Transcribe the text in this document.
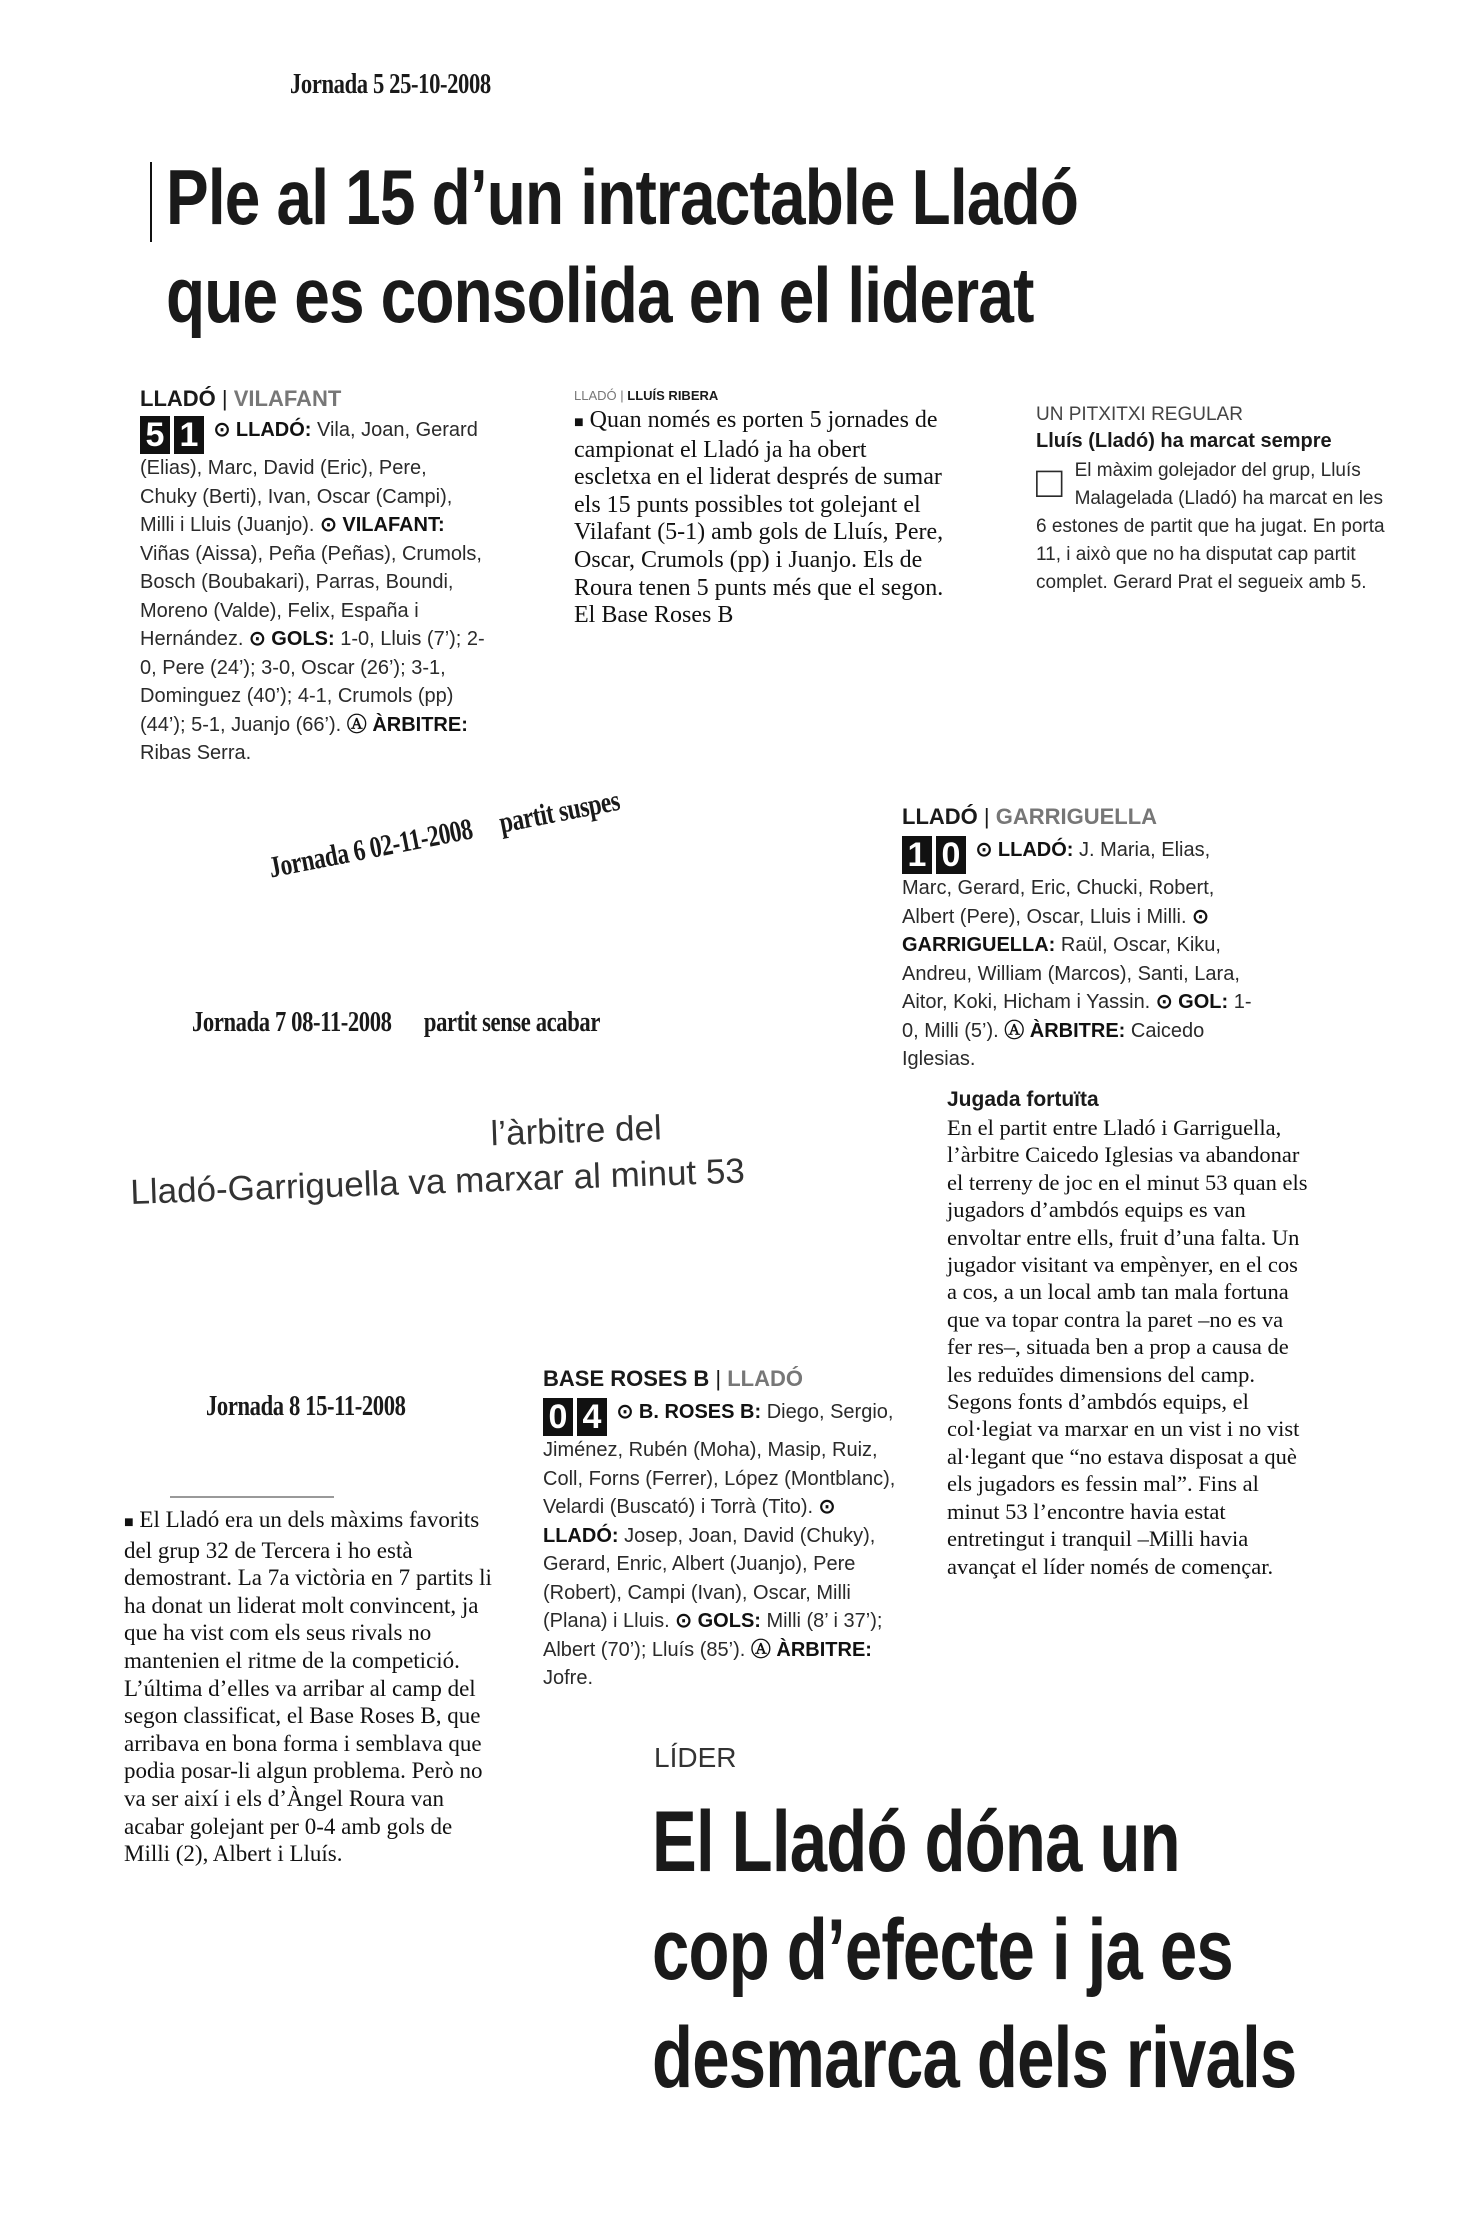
Jornada 5 25-10-2008
Ple al 15 d’un intractable Lladó
que es consolida en el liderat
LLADÓ | VILAFANT
5 1 ⊙ LLADÓ: Vila, Joan, Gerard (Elias), Marc, David (Eric), Pere, Chuky (Berti), Ivan, Oscar (Campi), Milli i Lluis (Juanjo). ⊙ VILAFANT: Viñas (Aissa), Peña (Peñas), Crumols, Bosch (Boubakari), Parras, Boundi, Moreno (Valde), Felix, España i Hernández. ⊙ GOLS: 1-0, Lluis (7’); 2-0, Pere (24’); 3-0, Oscar (26’); 3-1, Dominguez (40’); 4-1, Crumols (pp) (44’); 5-1, Juanjo (66’). Ⓐ ÀRBITRE: Ribas Serra.
LLADÓ | LLUÍS RIBERA
■ Quan només es porten 5 jornades de campionat el Lladó ja ha obert escletxa en el liderat després de sumar els 15 punts possibles tot golejant el Vilafant (5-1) amb gols de Lluís, Pere, Oscar, Crumols (pp) i Juanjo. Els de Roura tenen 5 punts més que el segon. El Base Roses B
UN PITXITXI REGULAR
Lluís (Lladó) ha marcat sempre
□ El màxim golejador del grup, Lluís Malagelada (Lladó) ha marcat en les 6 estones de partit que ha jugat. En porta 11, i això que no ha disputat cap partit complet. Gerard Prat el segueix amb 5.
Jornada 6 02-11-2008  partit suspes	LLADÓ | GARRIGUELLA
1 0 ⊙ LLADÓ: J. Maria, Elias, Marc, Gerard, Eric, Chucki, Robert, Albert (Pere), Oscar, Lluis i Milli. ⊙ GARRIGUELLA: Raül, Oscar, Kiku, Andreu, William (Marcos), Santi, Lara, Aitor, Koki, Hicham i Yassin. ⊙ GOL: 1-0, Milli (5’). Ⓐ ÀRBITRE: Caicedo Iglesias.
Jornada 7 08-11-2008 partit sense acabar
l’àrbitre del
Lladó-Garriguella va marxar al minut 53
Jugada fortuïta
En el partit entre Lladó i Garriguella, l’àrbitre Caicedo Iglesias va abandonar el terreny de joc en el minut 53 quan els jugadors d’ambdós equips es van envoltar entre ells, fruit d’una falta. Un jugador visitant va empènyer, en el cos a cos, a un local amb tan mala fortuna que va topar contra la paret –no es va fer res–, situada ben a prop a causa de les reduïdes dimensions del camp. Segons fonts d’ambdós equips, el col·legiat va marxar en un vist i no vist al·legant que “no estava disposat a què els jugadors es fessin mal”. Fins al minut 53 l’encontre havia estat entretingut i tranquil –Milli havia avançat el líder només de començar.
Jornada 8 15-11-2008
■ El Lladó era un dels màxims favorits del grup 32 de Tercera i ho està demostrant. La 7a victòria en 7 partits li ha donat un liderat molt convincent, ja que ha vist com els seus rivals no mantenien el ritme de la competició. L’última d’elles va arribar al camp del segon classificat, el Base Roses B, que arribava en bona forma i semblava que podia posar-li algun problema. Però no va ser així i els d’Àngel Roura van acabar golejant per 0-4 amb gols de Milli (2), Albert i Lluís.
BASE ROSES B | LLADÓ
0 4 ⊙ B. ROSES B: Diego, Sergio, Jiménez, Rubén (Moha), Masip, Ruiz, Coll, Forns (Ferrer), López (Montblanc), Velardi (Buscató) i Torrà (Tito). ⊙ LLADÓ: Josep, Joan, David (Chuky), Gerard, Enric, Albert (Juanjo), Pere (Robert), Campi (Ivan), Oscar, Milli (Plana) i Lluis. ⊙ GOLS: Milli (8’ i 37’); Albert (70’); Lluís (85’). Ⓐ ÀRBITRE: Jofre.
LÍDER
El Lladó dóna un
cop d’efecte i ja es
desmarca dels rivals
